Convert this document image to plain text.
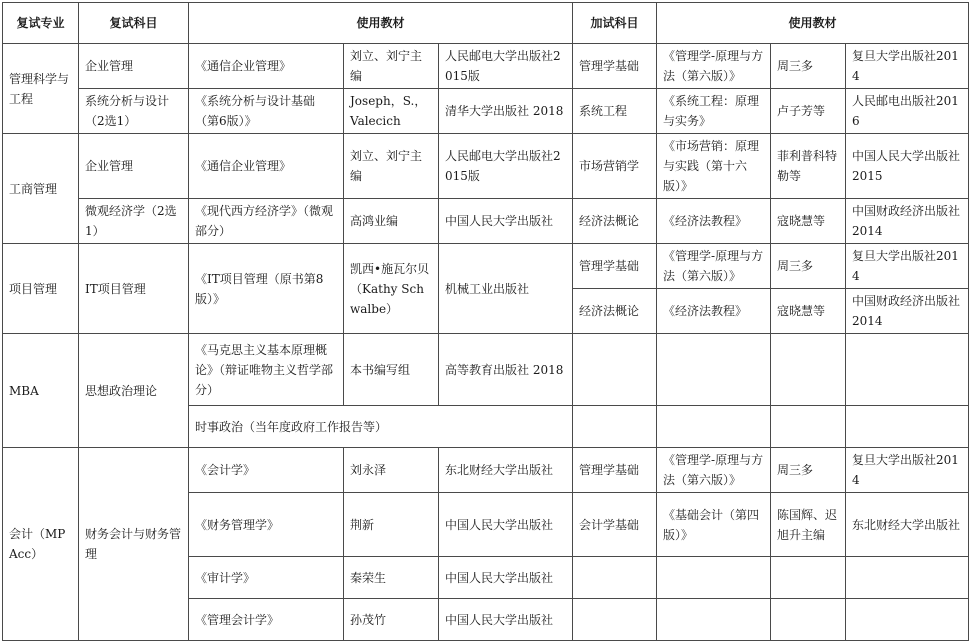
复试专业	复试科目	使用教材			加试科目	使用教材		
管理科学与工程	企业管理	《通信企业管理》	刘立、刘宁主编	人民邮电大学出版社2015版	管理学基础	《管理学-原理与方法（第六版）》	周三多	复旦大学出版社2014
	系统分析与设计（2选1）	《系统分析与设计基础（第6版）》	Joseph，S.，Valecich	清华大学出版社 2018	系统工程	《系统工程：原理与实务》	卢子芳等	人民邮电出版社2016
工商管理	企业管理	《通信企业管理》	刘立、刘宁主编	人民邮电大学出版社2015版	市场营销学	《市场营销：原理与实践（第十六版）》	菲利普科特勒等	中国人民大学出版社2015
	微观经济学（2选1）	《现代西方经济学》（微观部分）	高鸿业编	中国人民大学出版社	经济法概论	《经济法教程》	寇晓慧等	中国财政经济出版社2014
项目管理	IT项目管理	《IT项目管理（原书第8版）》	凯西•施瓦尔贝（Kathy Schwalbe）	机械工业出版社	管理学基础	《管理学-原理与方法（第六版）》	周三多	复旦大学出版社2014
					经济法概论	《经济法教程》	寇晓慧等	中国财政经济出版社2014
MBA	思想政治理论	《马克思主义基本原理概论》（辩证唯物主义哲学部分）	本书编写组	高等教育出版社 2018				
		时事政治（当年度政府工作报告等）						
会计（MPAcc）	财务会计与财务管理	《会计学》	刘永泽	东北财经大学出版社	管理学基础	《管理学-原理与方法（第六版）》	周三多	复旦大学出版社2014
		《财务管理学》	荆新	中国人民大学出版社	会计学基础	《基础会计（第四版）》	陈国辉、迟旭升主编	东北财经大学出版社
		《审计学》	秦荣生	中国人民大学出版社				
		《管理会计学》	孙茂竹	中国人民大学出版社				
